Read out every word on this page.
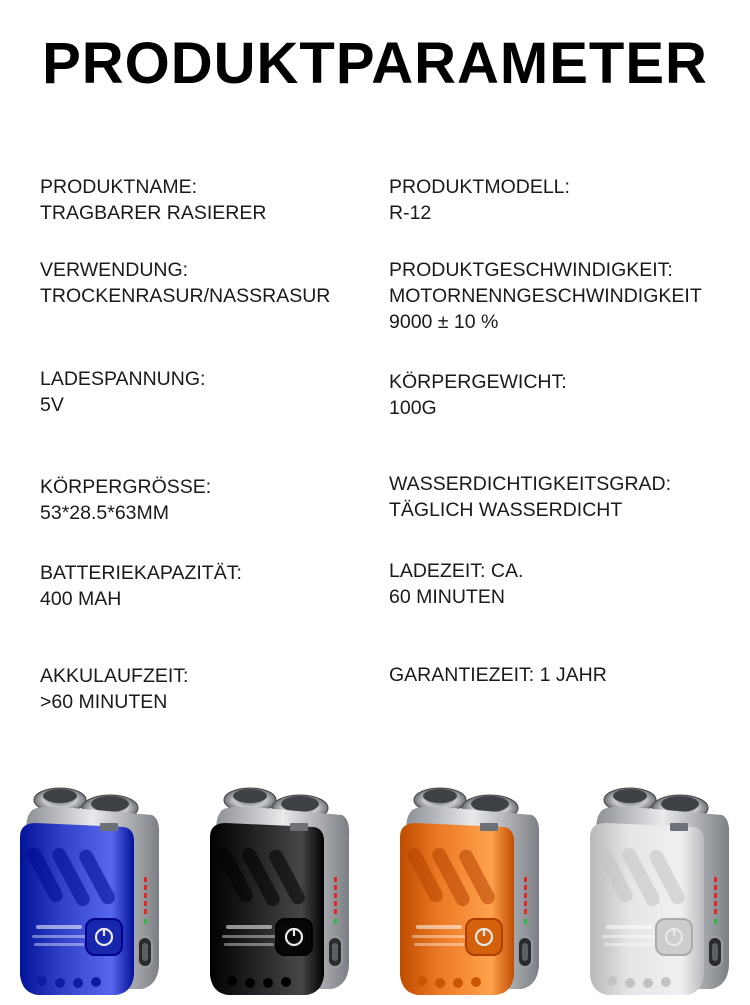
PRODUKTPARAMETER
PRODUKTNAME:
TRAGBARER RASIERER
VERWENDUNG:
TROCKENRASUR/NASSRASUR
LADESPANNUNG:
5V
KÖRPERGRÖSSE:
53*28.5*63MM
BATTERIEKAPAZITÄT:
400 MAH
AKKULAUFZEIT:
>60 MINUTEN
PRODUKTMODELL:
R-12
PRODUKTGESCHWINDIGKEIT:
MOTORNENNGESCHWINDIGKEIT
9000 ± 10 %
KÖRPERGEWICHT:
100G
WASSERDICHTIGKEITSGRAD:
TÄGLICH WASSERDICHT
LADEZEIT: CA.
60 MINUTEN
GARANTIEZEIT: 1 JAHR
